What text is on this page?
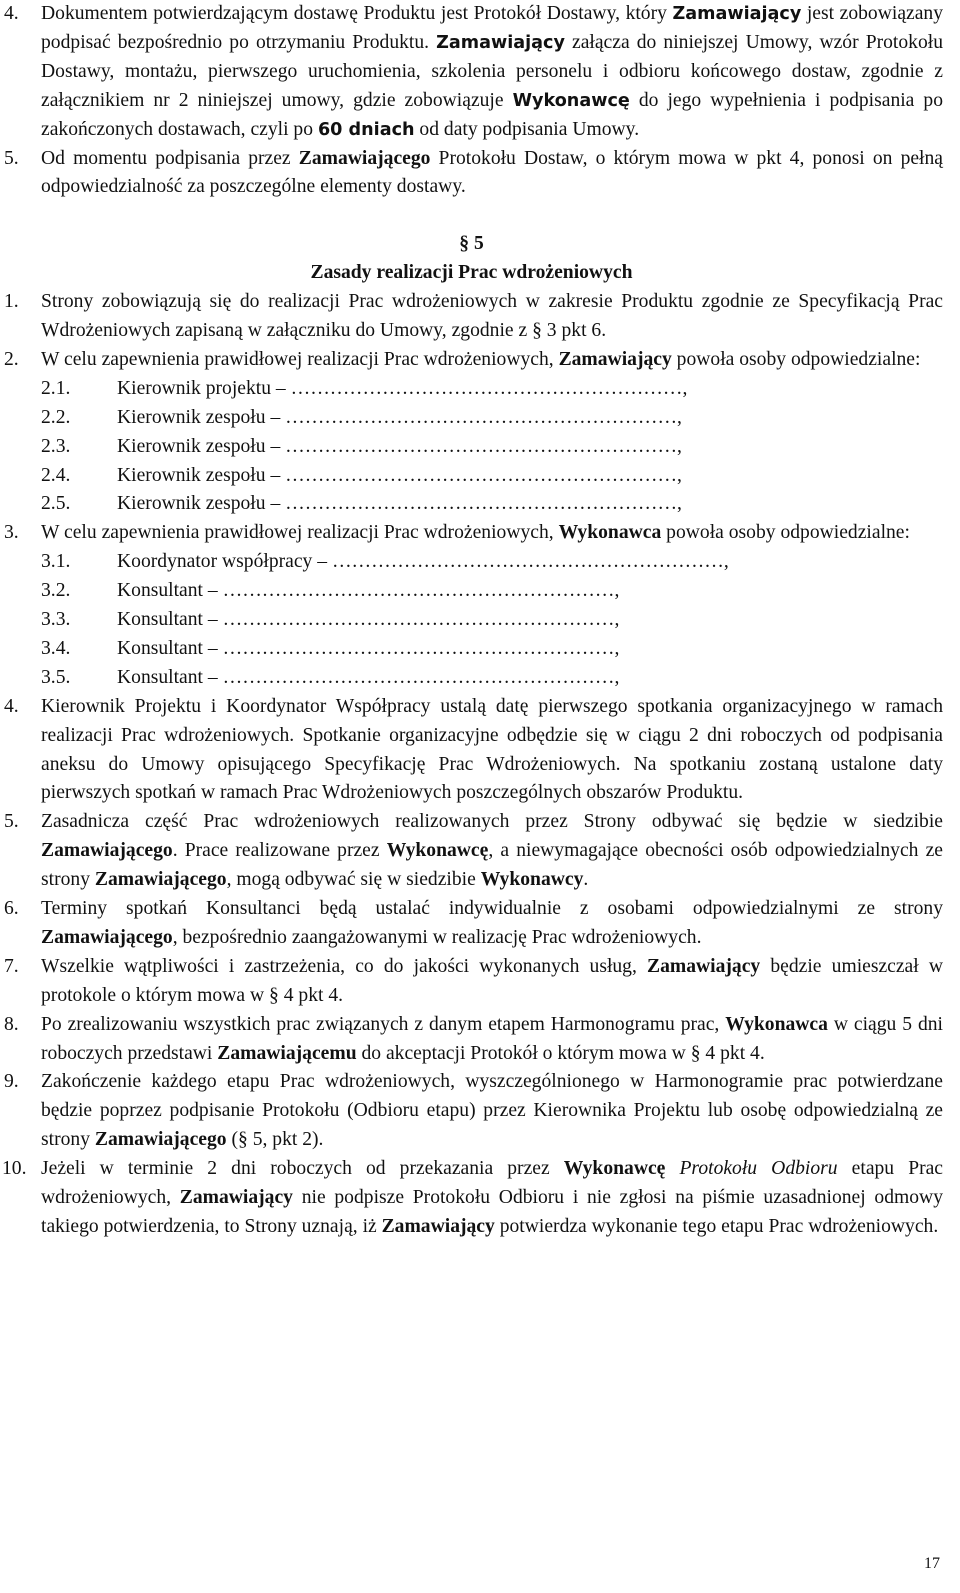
4. Dokumentem potwierdzającym dostawę Produktu jest Protokół Dostawy, który Zamawiający jest zobowiązany podpisać bezpośrednio po otrzymaniu Produktu. Zamawiający załącza do niniejszej Umowy, wzór Protokołu Dostawy, montażu, pierwszego uruchomienia, szkolenia personelu i odbioru końcowego dostaw, zgodnie z załącznikiem nr 2 niniejszej umowy, gdzie zobowiązuje Wykonawcę do jego wypełnienia i podpisania po zakończonych dostawach, czyli po 60 dniach od daty podpisania Umowy.
5. Od momentu podpisania przez Zamawiającego Protokołu Dostaw, o którym mowa w pkt 4, ponosi on pełną odpowiedzialność za poszczególne elementy dostawy.
§ 5
Zasady realizacji Prac wdrożeniowych
1. Strony zobowiązują się do realizacji Prac wdrożeniowych w zakresie Produktu zgodnie ze Specyfikacją Prac Wdrożeniowych zapisaną w załączniku do Umowy, zgodnie z § 3 pkt 6.
2. W celu zapewnienia prawidłowej realizacji Prac wdrożeniowych, Zamawiający powoła osoby odpowiedzialne:
2.1. Kierownik projektu – ……………………………………………………,
2.2. Kierownik zespołu – ……………………………………………………,
2.3. Kierownik zespołu – ……………………………………………………,
2.4. Kierownik zespołu – ……………………………………………………,
2.5. Kierownik zespołu – ……………………………………………………,
3. W celu zapewnienia prawidłowej realizacji Prac wdrożeniowych, Wykonawca powoła osoby odpowiedzialne:
3.1. Koordynator współpracy – ……………………………………………………,
3.2. Konsultant – ……………………………………………………,
3.3. Konsultant – ……………………………………………………,
3.4. Konsultant – ……………………………………………………,
3.5. Konsultant – ……………………………………………………,
4. Kierownik Projektu i Koordynator Współpracy ustalą datę pierwszego spotkania organizacyjnego w ramach realizacji Prac wdrożeniowych. Spotkanie organizacyjne odbędzie się w ciągu 2 dni roboczych od podpisania aneksu do Umowy opisującego Specyfikację Prac Wdrożeniowych. Na spotkaniu zostaną ustalone daty pierwszych spotkań w ramach Prac Wdrożeniowych poszczególnych obszarów Produktu.
5. Zasadnicza część Prac wdrożeniowych realizowanych przez Strony odbywać się będzie w siedzibie Zamawiającego. Prace realizowane przez Wykonawcę, a niewymagające obecności osób odpowiedzialnych ze strony Zamawiającego, mogą odbywać się w siedzibie Wykonawcy.
6. Terminy spotkań Konsultanci będą ustalać indywidualnie z osobami odpowiedzialnymi ze strony Zamawiającego, bezpośrednio zaangażowanymi w realizację Prac wdrożeniowych.
7. Wszelkie wątpliwości i zastrzeżenia, co do jakości wykonanych usług, Zamawiający będzie umieszczał w protokole o którym mowa w § 4 pkt 4.
8. Po zrealizowaniu wszystkich prac związanych z danym etapem Harmonogramu prac, Wykonawca w ciągu 5 dni roboczych przedstawi Zamawiającemu do akceptacji Protokół o którym mowa w § 4 pkt 4.
9. Zakończenie każdego etapu Prac wdrożeniowych, wyszczególnionego w Harmonogramie prac potwierdzane będzie poprzez podpisanie Protokołu (Odbioru etapu) przez Kierownika Projektu lub osobę odpowiedzialną ze strony Zamawiającego (§ 5, pkt 2).
10. Jeżeli w terminie 2 dni roboczych od przekazania przez Wykonawcę Protokołu Odbioru etapu Prac wdrożeniowych, Zamawiający nie podpisze Protokołu Odbioru i nie zgłosi na piśmie uzasadnionej odmowy takiego potwierdzenia, to Strony uznają, iż Zamawiający potwierdza wykonanie tego etapu Prac wdrożeniowych.
17
